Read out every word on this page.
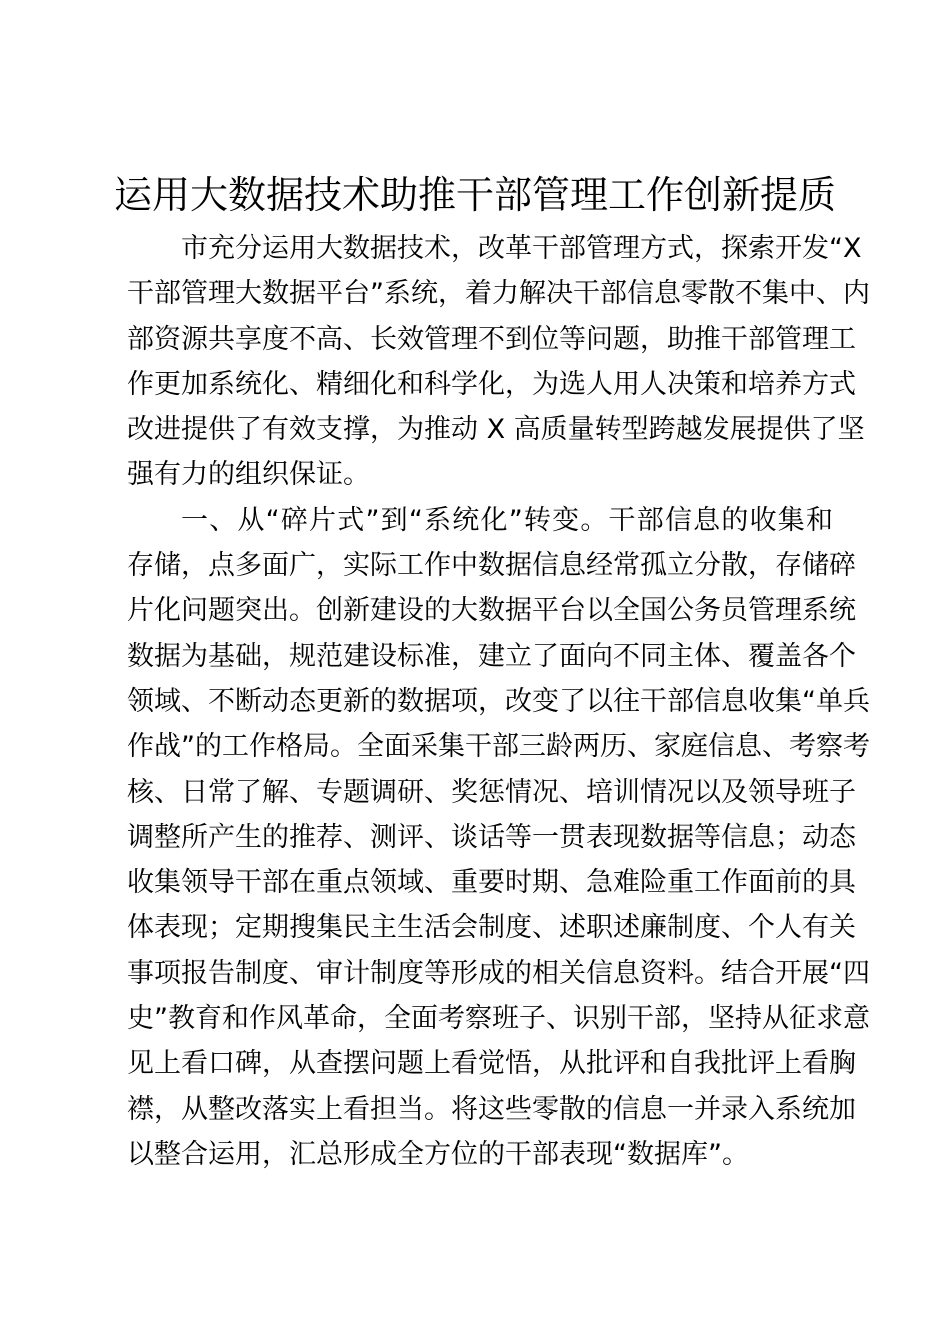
运用大数据技术助推干部管理工作创新提质
市充分运用大数据技术，改革干部管理方式，探索开发“X
干部管理大数据平台”系统，着力解决干部信息零散不集中、内
部资源共享度不高、长效管理不到位等问题，助推干部管理工
作更加系统化、精细化和科学化，为选人用人决策和培养方式
改进提供了有效支撑，为推动 X 高质量转型跨越发展提供了坚
强有力的组织保证。
一、从“碎片式”到“系统化”转变。干部信息的收集和
存储，点多面广，实际工作中数据信息经常孤立分散，存储碎
片化问题突出。创新建设的大数据平台以全国公务员管理系统
数据为基础，规范建设标准，建立了面向不同主体、覆盖各个
领域、不断动态更新的数据项，改变了以往干部信息收集“单兵
作战”的工作格局。全面采集干部三龄两历、家庭信息、考察考
核、日常了解、专题调研、奖惩情况、培训情况以及领导班子
调整所产生的推荐、测评、谈话等一贯表现数据等信息；动态
收集领导干部在重点领域、重要时期、急难险重工作面前的具
体表现；定期搜集民主生活会制度、述职述廉制度、个人有关
事项报告制度、审计制度等形成的相关信息资料。结合开展“四
史”教育和作风革命，全面考察班子、识别干部，坚持从征求意
见上看口碑，从查摆问题上看觉悟，从批评和自我批评上看胸
襟，从整改落实上看担当。将这些零散的信息一并录入系统加
以整合运用，汇总形成全方位的干部表现“数据库”。
